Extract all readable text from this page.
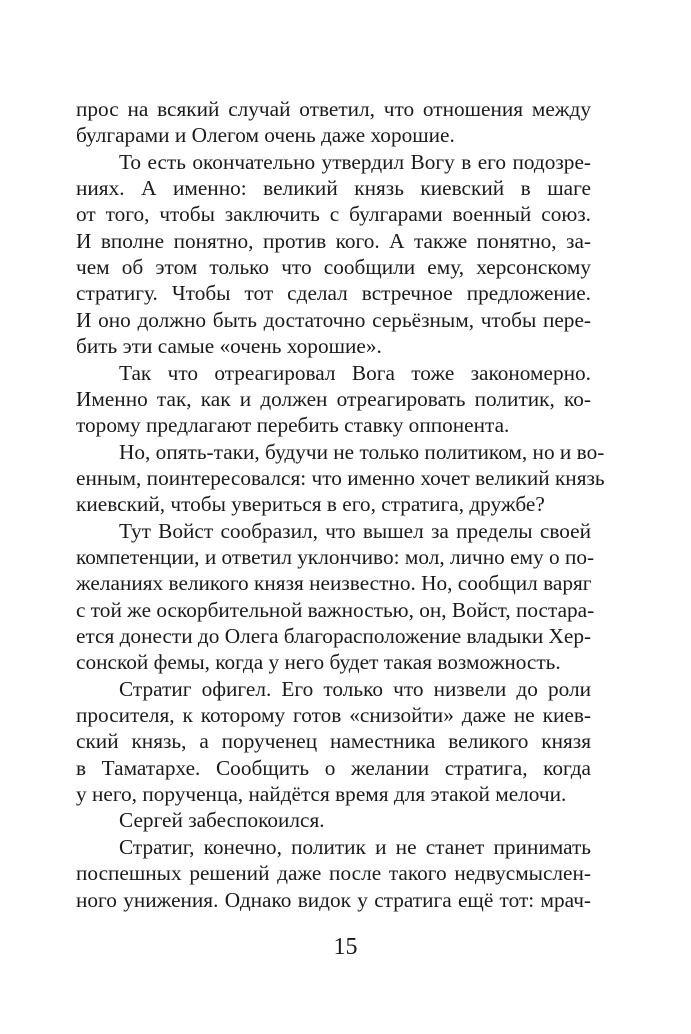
прос на всякий случай ответил, что отношения между
булгарами и Олегом очень даже хорошие.
То есть окончательно утвердил Вогу в его подозре-
ниях. А именно: великий князь киевский в шаге
от того, чтобы заключить с булгарами военный союз.
И вполне понятно, против кого. А также понятно, за-
чем об этом только что сообщили ему, херсонскому
стратигу. Чтобы тот сделал встречное предложение.
И оно должно быть достаточно серьёзным, чтобы пере-
бить эти самые «очень хорошие».
Так что отреагировал Вога тоже закономерно.
Именно так, как и должен отреагировать политик, ко-
торому предлагают перебить ставку оппонента.
Но, опять-таки, будучи не только политиком, но и во-
енным, поинтересовался: что именно хочет великий князь
киевский, чтобы увериться в его, стратига, дружбе?
Тут Войст сообразил, что вышел за пределы своей
компетенции, и ответил уклончиво: мол, лично ему о по-
желаниях великого князя неизвестно. Но, сообщил варяг
с той же оскорбительной важностью, он, Войст, постара-
ется донести до Олега благорасположение владыки Хер-
сонской фемы, когда у него будет такая возможность.
Стратиг офигел. Его только что низвели до роли
просителя, к которому готов «снизойти» даже не киев-
ский князь, а порученец наместника великого князя
в Таматархе. Сообщить о желании стратига, когда
у него, порученца, найдётся время для этакой мелочи.
Сергей забеспокоился.
Стратиг, конечно, политик и не станет принимать
поспешных решений даже после такого недвусмыслен-
ного унижения. Однако видок у стратига ещё тот: мрач-
15
